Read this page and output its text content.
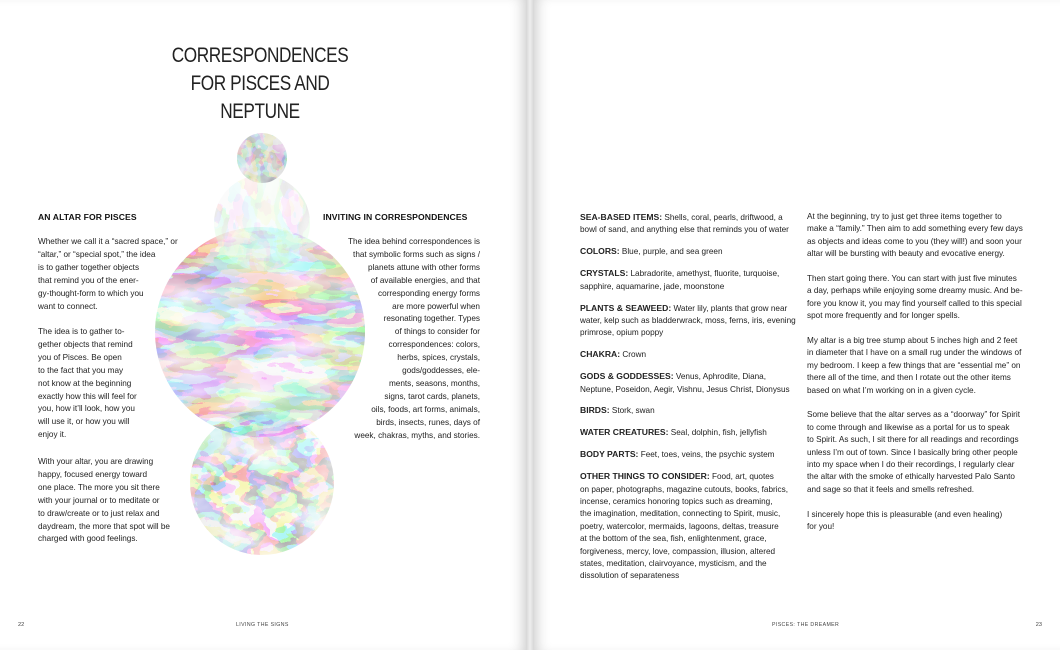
CORRESPONDENCES
FOR PISCES AND NEPTUNE
AN ALTAR FOR PISCES
Whether we call it a “sacred space,” or
“altar,” or “special spot,” the idea
is to gather together objects
that remind you of the ener-
gy-thought-form to which you
want to connect.
The idea is to gather to-
gether objects that remind
you of Pisces. Be open
to the fact that you may
not know at the beginning
exactly how this will feel for
you, how it’ll look, how you
will use it, or how you will
enjoy it.
With your altar, you are drawing
happy, focused energy toward
one place. The more you sit there
with your journal or to meditate or
to draw/create or to just relax and
daydream, the more that spot will be
charged with good feelings.
INVITING IN CORRESPONDENCES
The idea behind correspondences is
that symbolic forms such as signs /
planets attune with other forms
of available energies, and that
corresponding energy forms
are more powerful when
resonating together. Types
of things to consider for
correspondences: colors,
herbs, spices, crystals,
gods/goddesses, ele-
ments, seasons, months,
signs, tarot cards, planets,
oils, foods, art forms, animals,
birds, insects, runes, days of
week, chakras, myths, and stories.
22	LIVING THE SIGNS
SEA-BASED ITEMS: Shells, coral, pearls, driftwood, a
bowl of sand, and anything else that reminds you of water
COLORS: Blue, purple, and sea green
CRYSTALS: Labradorite, amethyst, fluorite, turquoise,
sapphire, aquamarine, jade, moonstone
PLANTS & SEAWEED: Water lily, plants that grow near
water, kelp such as bladderwrack, moss, ferns, iris, evening
primrose, opium poppy
CHAKRA: Crown
GODS & GODDESSES: Venus, Aphrodite, Diana,
Neptune, Poseidon, Aegir, Vishnu, Jesus Christ, Dionysus
BIRDS: Stork, swan
WATER CREATURES: Seal, dolphin, fish, jellyfish
BODY PARTS: Feet, toes, veins, the psychic system
OTHER THINGS TO CONSIDER: Food, art, quotes
on paper, photographs, magazine cutouts, books, fabrics,
incense, ceramics honoring topics such as dreaming,
the imagination, meditation, connecting to Spirit, music,
poetry, watercolor, mermaids, lagoons, deltas, treasure
at the bottom of the sea, fish, enlightenment, grace,
forgiveness, mercy, love, compassion, illusion, altered
states, meditation, clairvoyance, mysticism, and the
dissolution of separateness
At the beginning, try to just get three items together to
make a “family.” Then aim to add something every few days
as objects and ideas come to you (they will!) and soon your
altar will be bursting with beauty and evocative energy.
Then start going there. You can start with just five minutes
a day, perhaps while enjoying some dreamy music. And be-
fore you know it, you may find yourself called to this special
spot more frequently and for longer spells.
My altar is a big tree stump about 5 inches high and 2 feet
in diameter that I have on a small rug under the windows of
my bedroom. I keep a few things that are “essential me” on
there all of the time, and then I rotate out the other items
based on what I’m working on in a given cycle.
Some believe that the altar serves as a “doorway” for Spirit
to come through and likewise as a portal for us to speak
to Spirit. As such, I sit there for all readings and recordings
unless I’m out of town. Since I basically bring other people
into my space when I do their recordings, I regularly clear
the altar with the smoke of ethically harvested Palo Santo
and sage so that it feels and smells refreshed.
I sincerely hope this is pleasurable (and even healing)
for you!
PISCES: THE DREAMER	23
